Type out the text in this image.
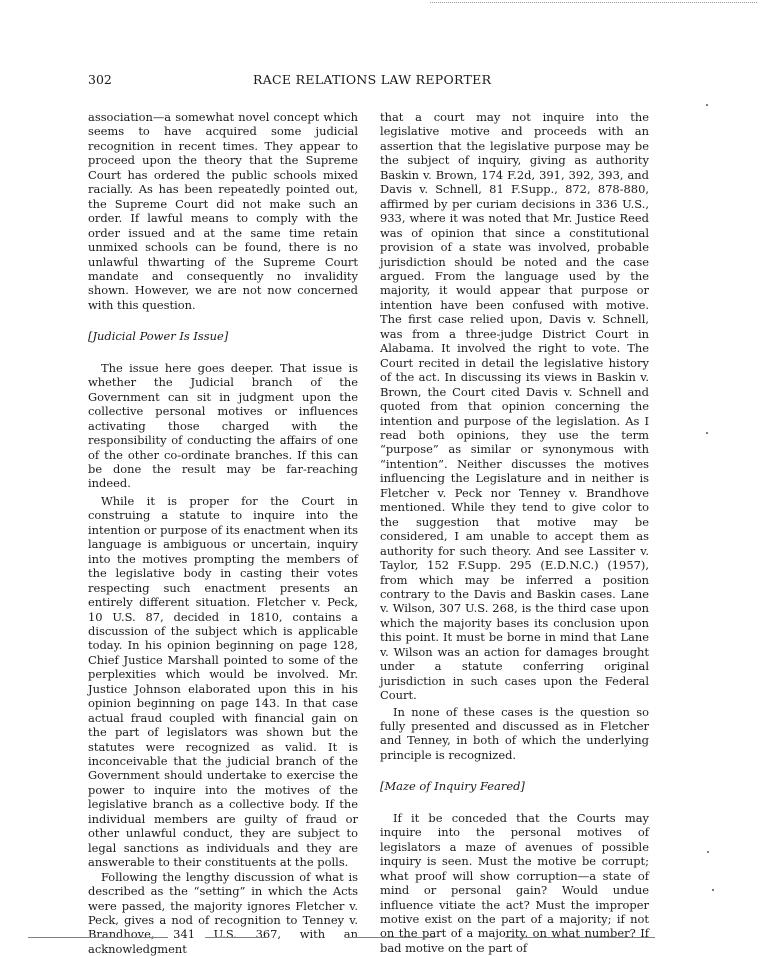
302	RACE RELATIONS LAW REPORTER

association—a somewhat novel concept which seems to have acquired some judicial recognition in recent times. They appear to proceed upon the theory that the Supreme Court has ordered the public schools mixed racially. As has been repeatedly pointed out, the Supreme Court did not make such an order. If lawful means to comply with the order issued and at the same time retain unmixed schools can be found, there is no unlawful thwarting of the Supreme Court mandate and consequently no invalidity shown. However, we are not now concerned with this question.

[Judicial Power Is Issue]

The issue here goes deeper. That issue is whether the Judicial branch of the Government can sit in judgment upon the collective personal motives or influences activating those charged with the responsibility of conducting the affairs of one of the other co-ordinate branches. If this can be done the result may be far-reaching indeed.

While it is proper for the Court in construing a statute to inquire into the intention or purpose of its enactment when its language is ambiguous or uncertain, inquiry into the motives prompting the members of the legislative body in casting their votes respecting such enactment presents an entirely different situation. Fletcher v. Peck, 10 U.S. 87, decided in 1810, contains a discussion of the subject which is applicable today. In his opinion beginning on page 128, Chief Justice Marshall pointed to some of the perplexities which would be involved. Mr. Justice Johnson elaborated upon this in his opinion beginning on page 143. In that case actual fraud coupled with financial gain on the part of legislators was shown but the statutes were recognized as valid. It is inconceivable that the judicial branch of the Government should undertake to exercise the power to inquire into the motives of the legislative branch as a collective body. If the individual members are guilty of fraud or other unlawful conduct, they are subject to legal sanctions as individuals and they are answerable to their constituents at the polls.

Following the lengthy discussion of what is described as the “setting” in which the Acts were passed, the majority ignores Fletcher v. Peck, gives a nod of recognition to Tenney v. Brandhove, 341 U.S. 367, with an acknowledgment

that a court may not inquire into the legislative motive and proceeds with an assertion that the legislative purpose may be the subject of inquiry, giving as authority Baskin v. Brown, 174 F.2d, 391, 392, 393, and Davis v. Schnell, 81 F.Supp., 872, 878-880, affirmed by per curiam decisions in 336 U.S., 933, where it was noted that Mr. Justice Reed was of opinion that since a constitutional provision of a state was involved, probable jurisdiction should be noted and the case argued. From the language used by the majority, it would appear that purpose or intention have been confused with motive. The first case relied upon, Davis v. Schnell, was from a three-judge District Court in Alabama. It involved the right to vote. The Court recited in detail the legislative history of the act. In discussing its views in Baskin v. Brown, the Court cited Davis v. Schnell and quoted from that opinion concerning the intention and purpose of the legislation. As I read both opinions, they use the term “purpose” as similar or synonymous with “intention”. Neither discusses the motives influencing the Legislature and in neither is Fletcher v. Peck nor Tenney v. Brandhove mentioned. While they tend to give color to the suggestion that motive may be considered, I am unable to accept them as authority for such theory. And see Lassiter v. Taylor, 152 F.Supp. 295 (E.D.N.C.) (1957), from which may be inferred a position contrary to the Davis and Baskin cases. Lane v. Wilson, 307 U.S. 268, is the third case upon which the majority bases its conclusion upon this point. It must be borne in mind that Lane v. Wilson was an action for damages brought under a statute conferring original jurisdiction in such cases upon the Federal Court.

In none of these cases is the question so fully presented and discussed as in Fletcher and Tenney, in both of which the underlying principle is recognized.

[Maze of Inquiry Feared]

If it be conceded that the Courts may inquire into the personal motives of legislators a maze of avenues of possible inquiry is seen. Must the motive be corrupt; what proof will show corruption—a state of mind or personal gain? Would undue influence vitiate the act? Must the improper motive exist on the part of a majority; if not on the part of a majority, on what number? If bad motive on the part of
